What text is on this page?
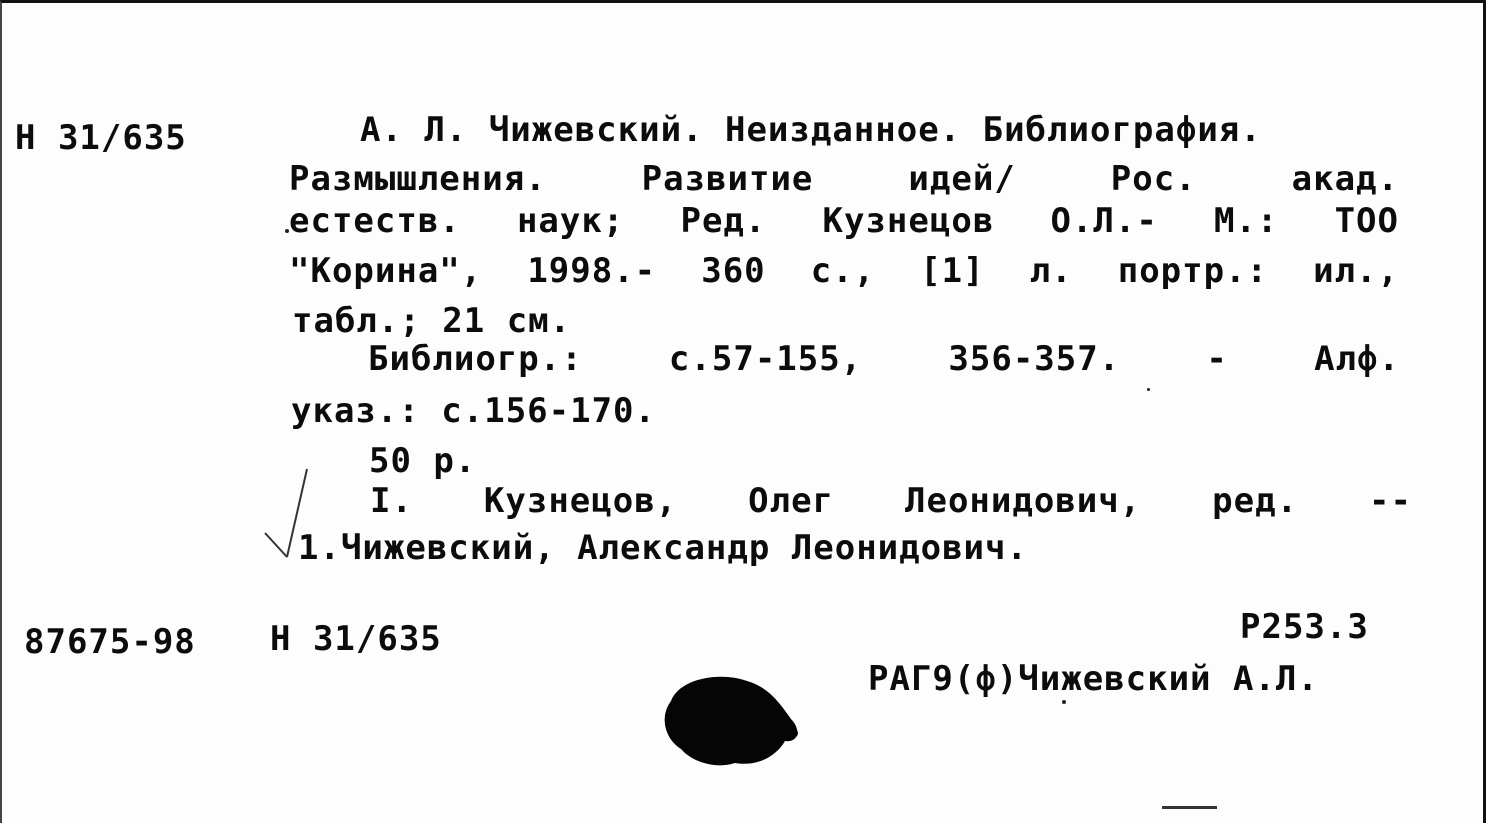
Н 31/635	А. Л. Чижевский. Неизданное. Библиография.
Размышления. Развитие идей/ Рос. акад.
естеств. наук; Ред. Кузнецов О.Л.- М.: ТОО
"Корина", 1998.- 360 с., [1] л. портр.: ил.,
табл.; 21 см.
Библиогр.: с.57-155, 356-357. - Алф.
указ.: с.156-170.
50 р.
I. Кузнецов, Олег Леонидович, ред. --
1.Чижевский, Александр Леонидович.
87675-98 Н 31/635	Р253.3
РАГ9(ф)Чижевский А.Л.
